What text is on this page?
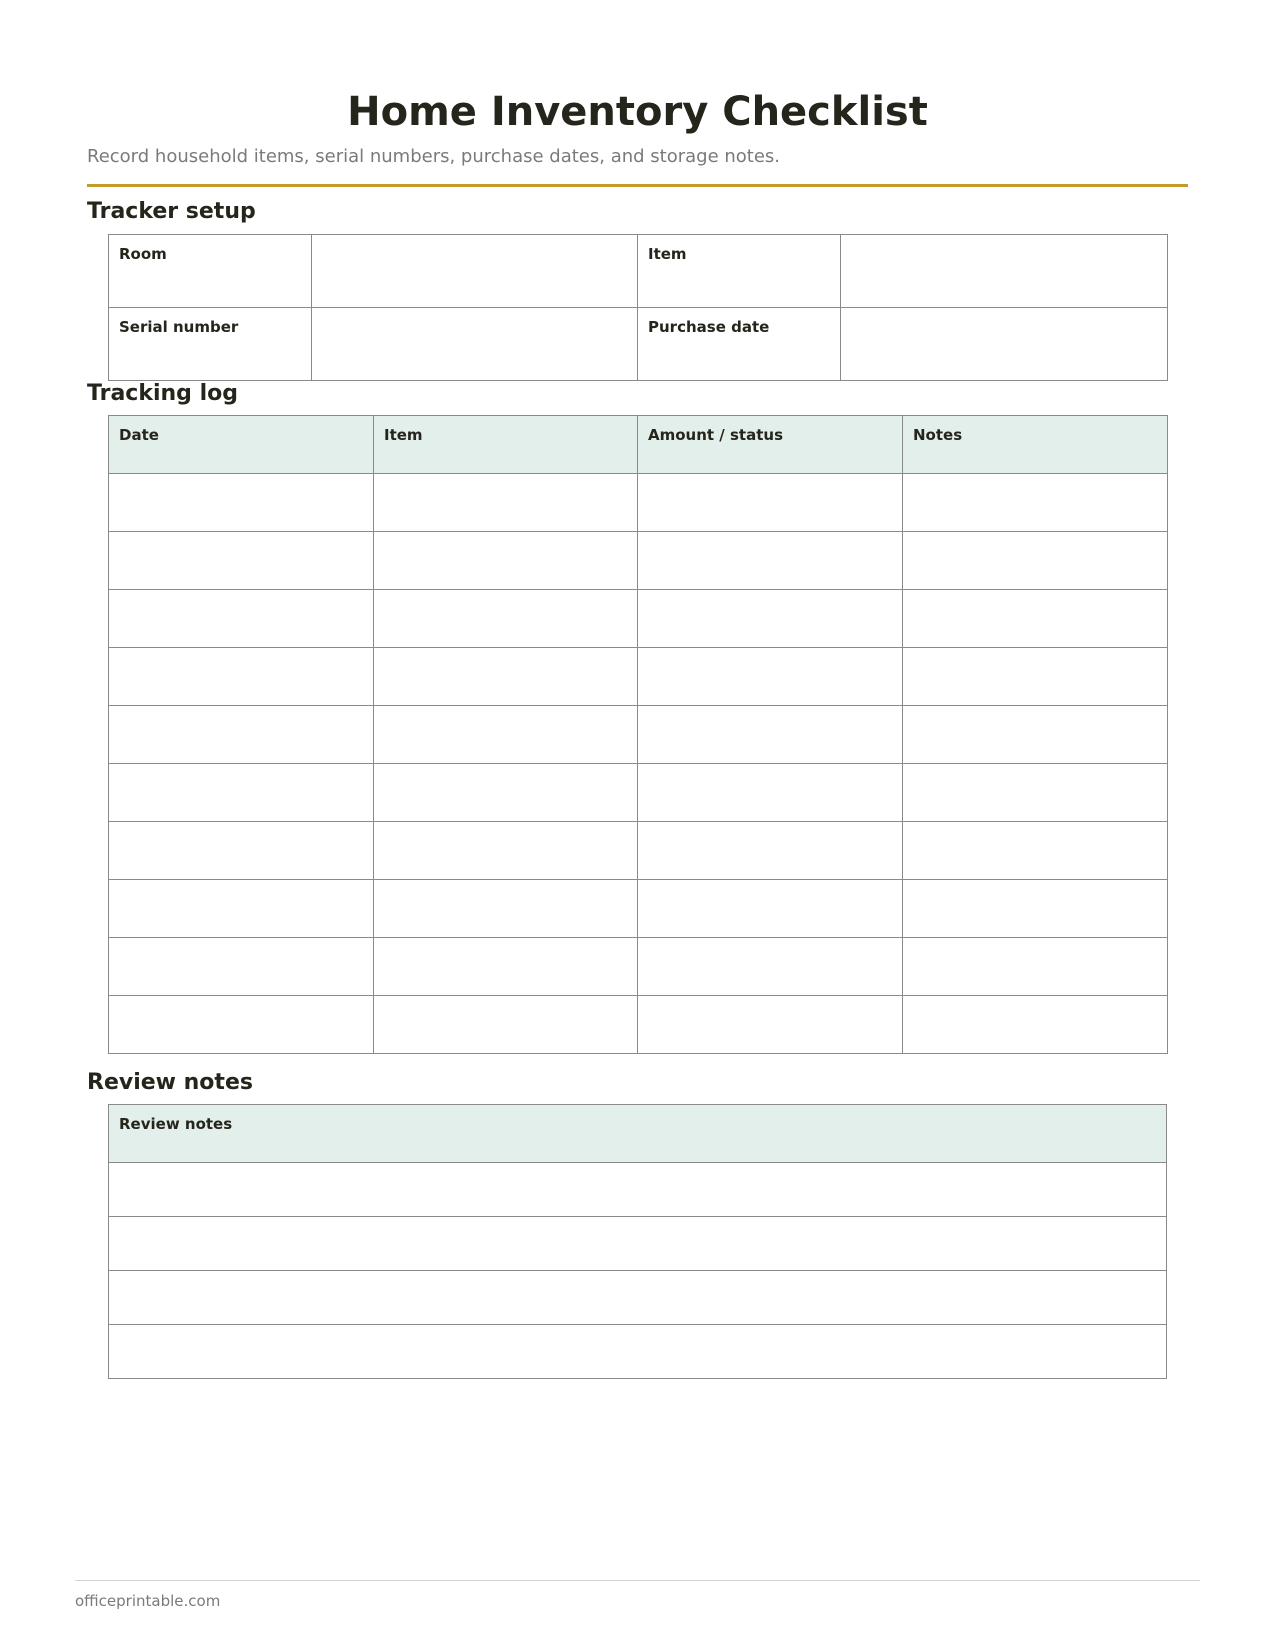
Home Inventory Checklist
Record household items, serial numbers, purchase dates, and storage notes.
Tracker setup
Room		Item	
Serial number		Purchase date	
Tracking log
Date	Item	Amount / status	Notes

Review notes
Review notes

officeprintable.com
